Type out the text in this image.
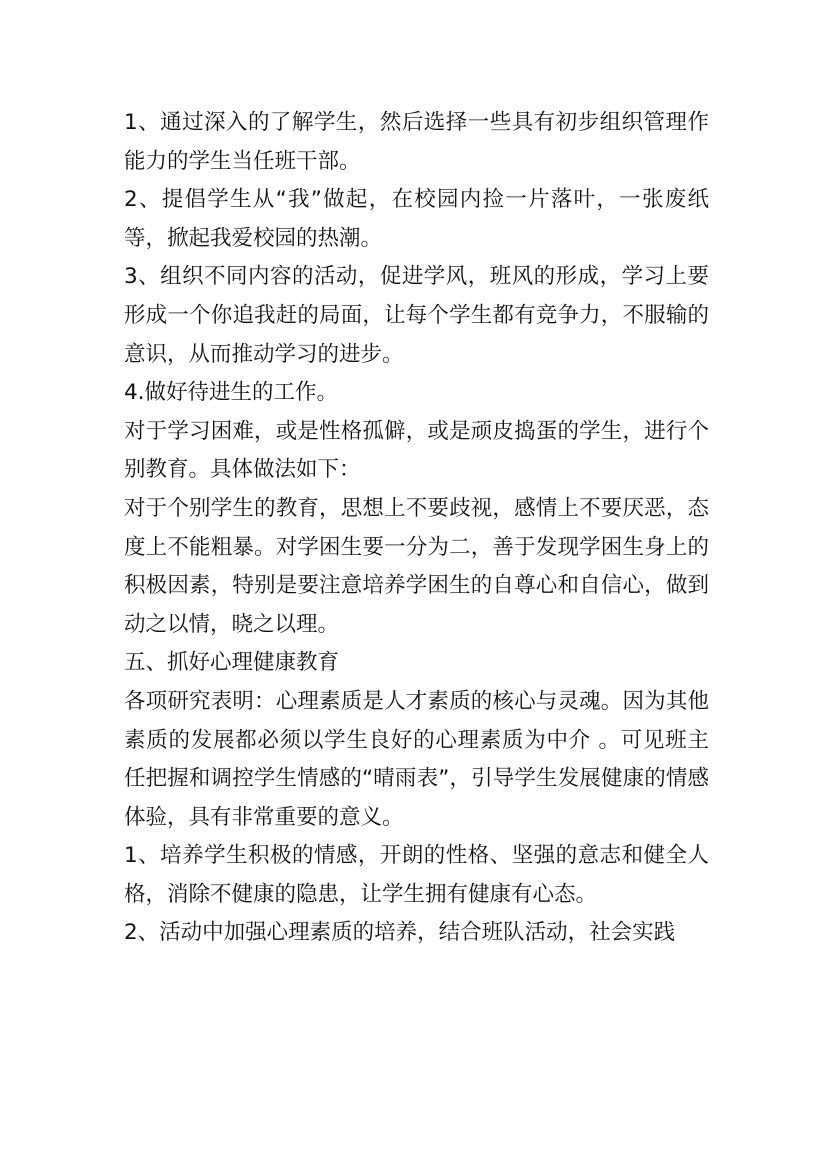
1、通过深入的了解学生，然后选择一些具有初步组织管理作能力的学生当任班干部。

2、提倡学生从“我”做起，在校园内捡一片落叶，一张废纸等，掀起我爱校园的热潮。

3、组织不同内容的活动，促进学风，班风的形成，学习上要形成一个你追我赶的局面，让每个学生都有竞争力，不服输的意识，从而推动学习的进步。

4.做好待进生的工作。

对于学习困难，或是性格孤僻，或是顽皮捣蛋的学生，进行个别教育。具体做法如下：

对于个别学生的教育，思想上不要歧视，感情上不要厌恶，态度上不能粗暴。对学困生要一分为二，善于发现学困生身上的积极因素，特别是要注意培养学困生的自尊心和自信心，做到动之以情，晓之以理。

五、抓好心理健康教育

各项研究表明：心理素质是人才素质的核心与灵魂。因为其他素质的发展都必须以学生良好的心理素质为中介 。可见班主任把握和调控学生情感的“晴雨表”，引导学生发展健康的情感体验，具有非常重要的意义。

1、培养学生积极的情感，开朗的性格、坚强的意志和健全人格，消除不健康的隐患，让学生拥有健康有心态。

2、活动中加强心理素质的培养，结合班队活动，社会实践
